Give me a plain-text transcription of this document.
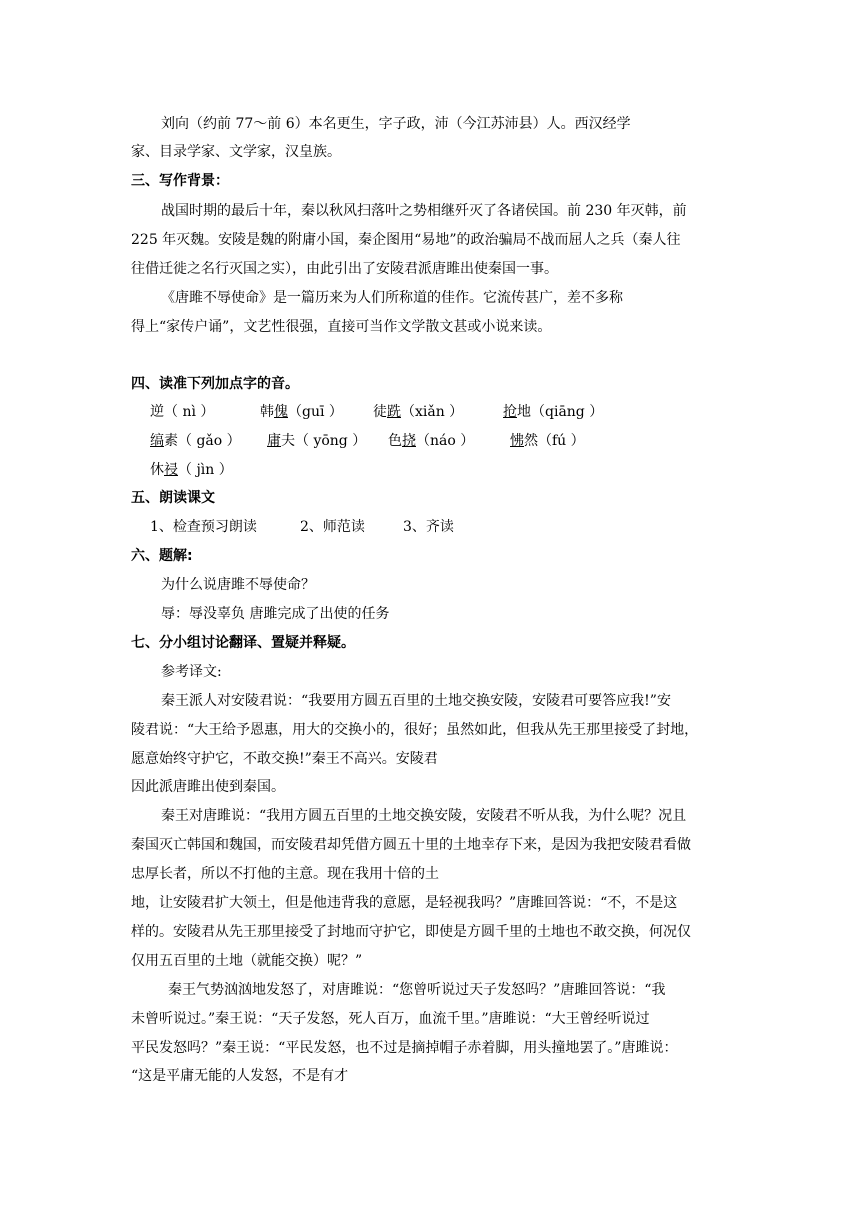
刘向（约前 77～前 6）本名更生，字子政，沛（今江苏沛县）人。西汉经学
家、目录学家、文学家，汉皇族。
三、写作背景：
战国时期的最后十年，秦以秋风扫落叶之势相继歼灭了各诸侯国。前 230 年灭韩，前
225 年灭魏。安陵是魏的附庸小国，秦企图用“易地”的政治骗局不战而屈人之兵（秦人往
往借迁徙之名行灭国之实），由此引出了安陵君派唐雎出使秦国一事。
《唐雎不辱使命》是一篇历来为人们所称道的佳作。它流传甚广，差不多称
得上“家传户诵”，文艺性很强，直接可当作文学散文甚或小说来读。
四、读准下列加点字的音。
逆（ nì ）	韩傀（guī ） 徒跣（xiǎn ）	抢地（qiāng ）
缟素（ gǎo ） 庸夫（ yōng ） 色挠（náo ）	怫然（fú ）
休祲（ jìn ）
五、朗读课文
1、检查预习朗读	2、师范读	3、齐读
六、题解:
为什么说唐雎不辱使命？
辱：辱没辜负 唐雎完成了出使的任务
七、分小组讨论翻译、置疑并释疑。
参考译文:
秦王派人对安陵君说：“我要用方圆五百里的土地交换安陵，安陵君可要答应我!”安
陵君说：“大王给予恩惠，用大的交换小的，很好；虽然如此，但我从先王那里接受了封地，
愿意始终守护它，不敢交换!”秦王不高兴。安陵君
因此派唐雎出使到秦国。
秦王对唐雎说：“我用方圆五百里的土地交换安陵，安陵君不听从我，为什么呢？况且
秦国灭亡韩国和魏国，而安陵君却凭借方圆五十里的土地幸存下来，是因为我把安陵君看做
忠厚长者，所以不打他的主意。现在我用十倍的土
地，让安陵君扩大领土，但是他违背我的意愿，是轻视我吗？”唐雎回答说：“不，不是这
样的。安陵君从先王那里接受了封地而守护它，即使是方圆千里的土地也不敢交换，何况仅
仅用五百里的土地（就能交换）呢？”
秦王气势汹汹地发怒了，对唐雎说：“您曾听说过天子发怒吗？”唐雎回答说：“我
未曾听说过。”秦王说：“天子发怒，死人百万，血流千里。”唐雎说：“大王曾经听说过
平民发怒吗？”秦王说：“平民发怒，也不过是摘掉帽子赤着脚，用头撞地罢了。”唐雎说：
“这是平庸无能的人发怒，不是有才
